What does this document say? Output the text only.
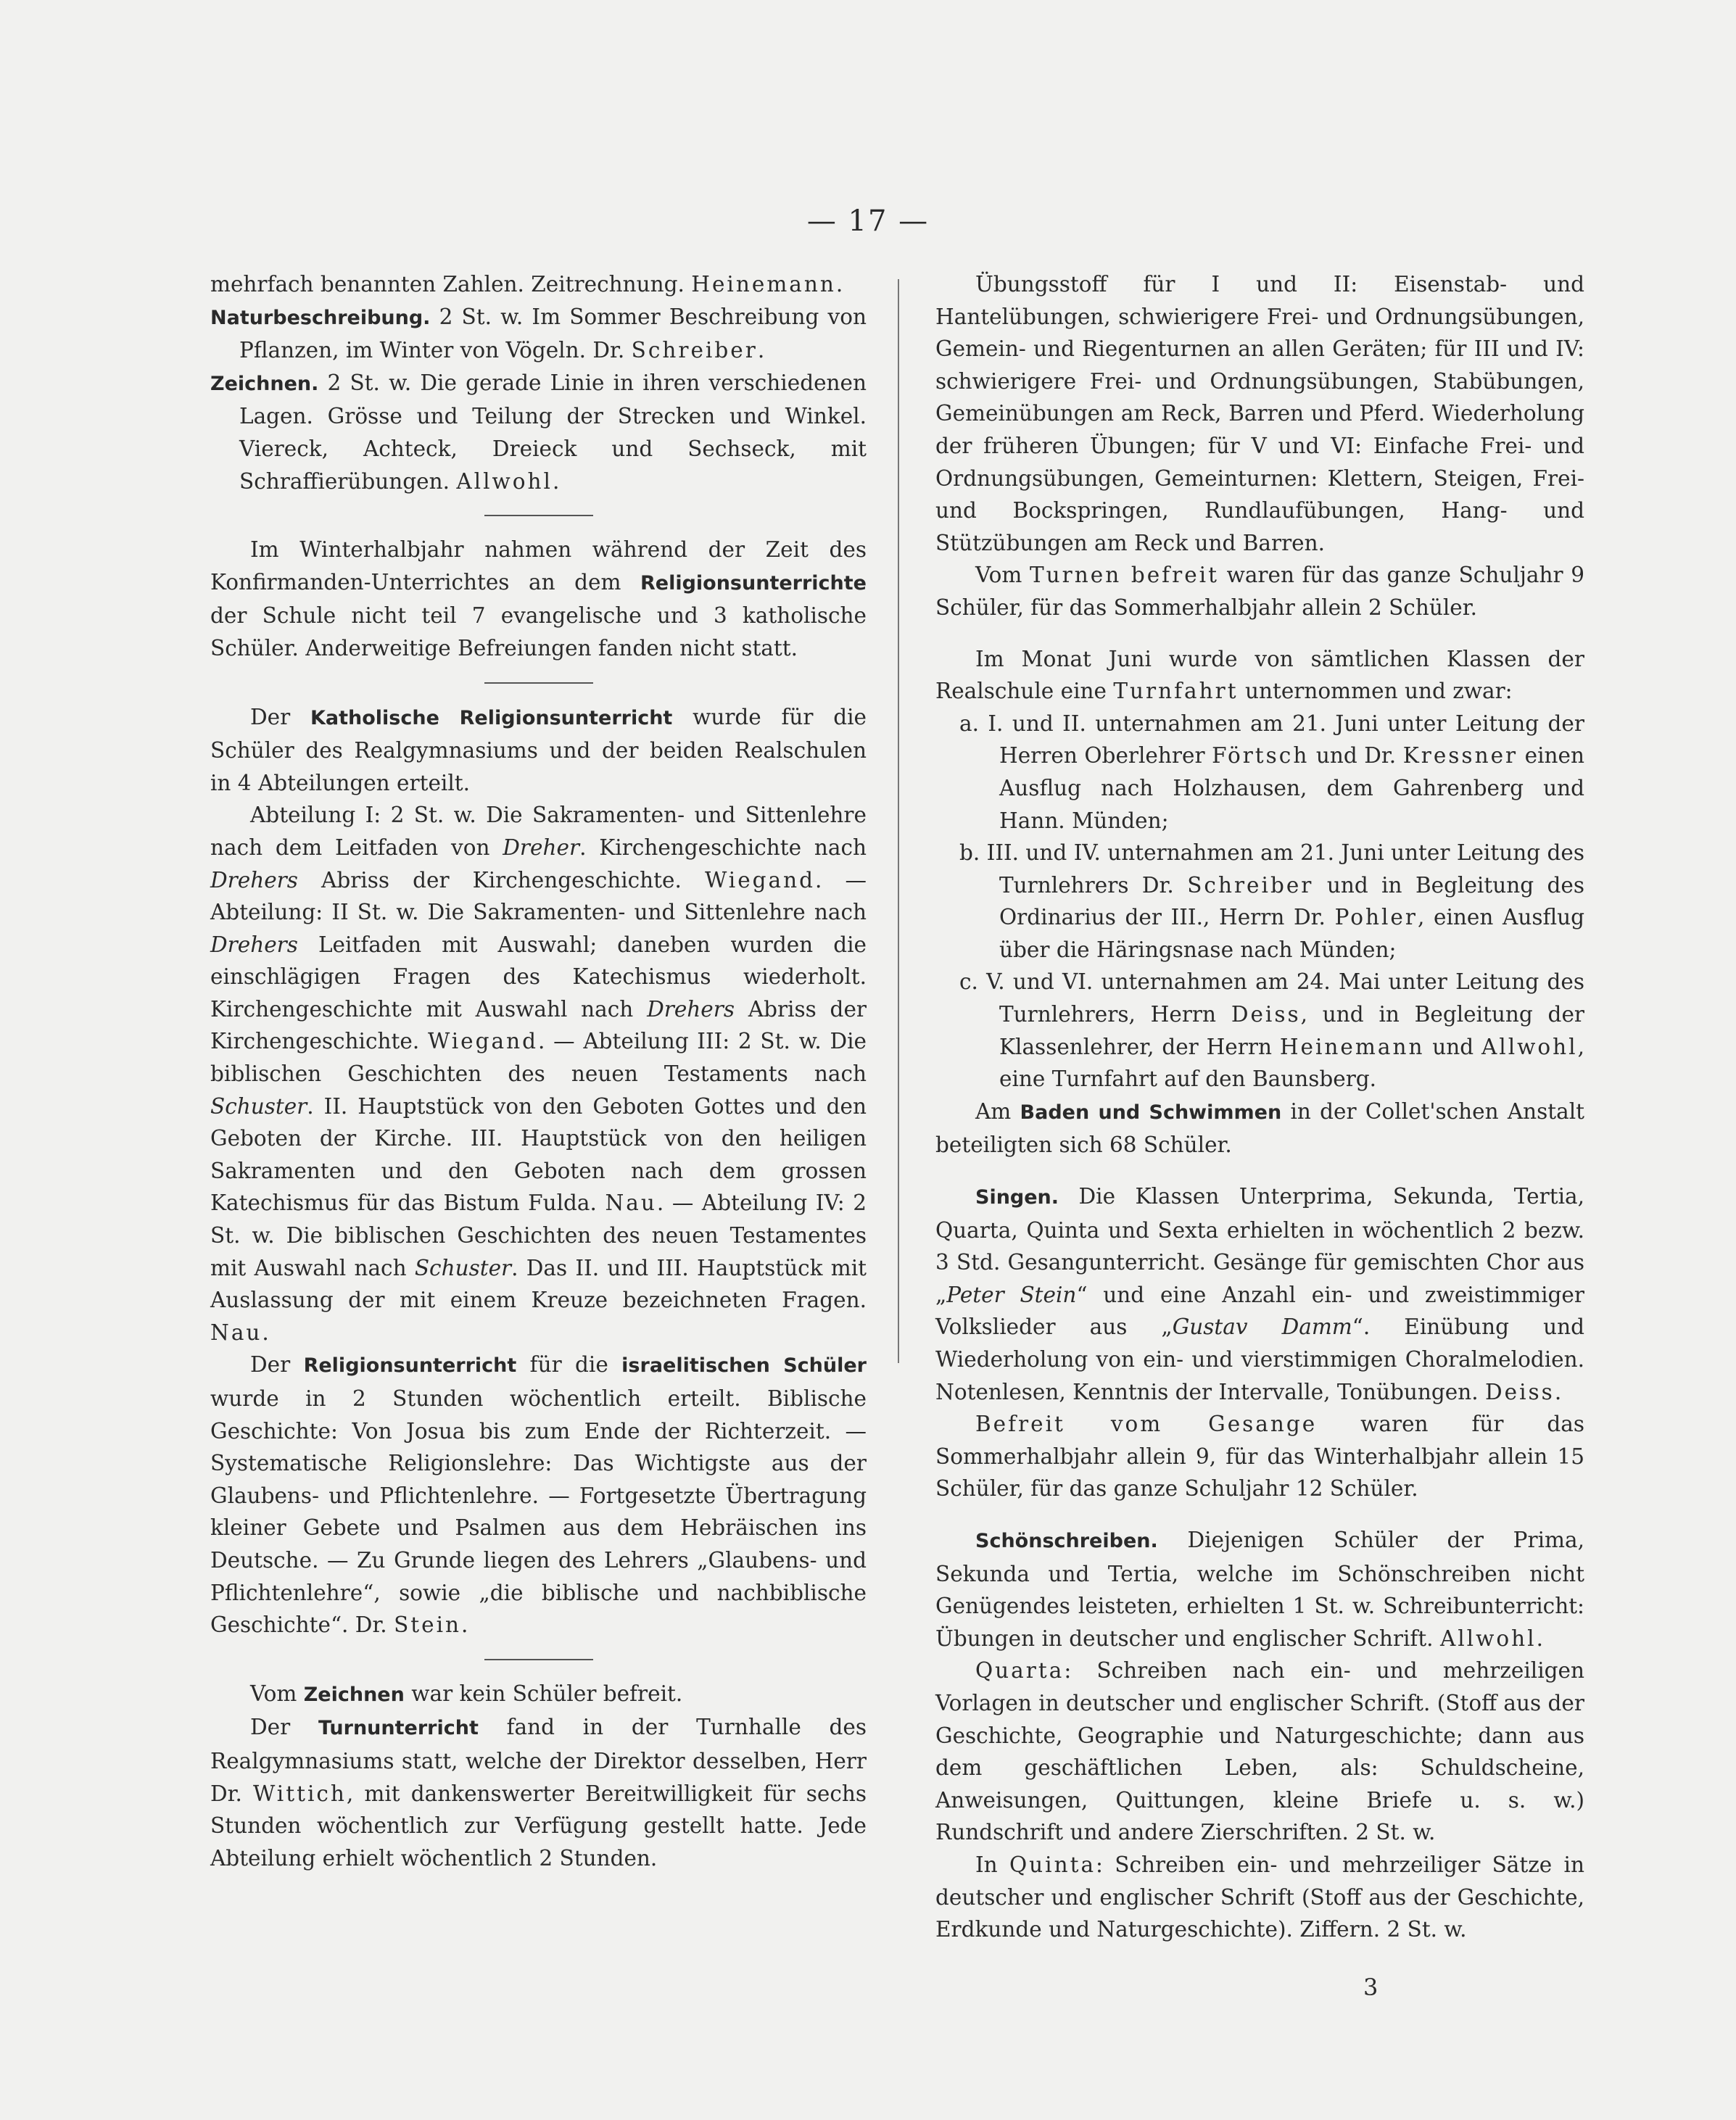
— 17 —

mehrfach benannten Zahlen. Zeitrechnung. Heinemann.

Naturbeschreibung. 2 St. w. Im Sommer Beschreibung von Pflanzen, im Winter von Vögeln. Dr. Schreiber.

Zeichnen. 2 St. w. Die gerade Linie in ihren verschiedenen Lagen. Grösse und Teilung der Strecken und Winkel. Viereck, Achteck, Dreieck und Sechseck, mit Schraffierübungen. Allwohl.

Im Winterhalbjahr nahmen während der Zeit des Konfirmanden-Unterrichtes an dem Religionsunterrichte der Schule nicht teil 7 evangelische und 3 katholische Schüler. Anderweitige Befreiungen fanden nicht statt.

Der Katholische Religionsunterricht wurde für die Schüler des Realgymnasiums und der beiden Realschulen in 4 Abteilungen erteilt.

Abteilung I: 2 St. w. Die Sakramenten- und Sittenlehre nach dem Leitfaden von Dreher. Kirchengeschichte nach Drehers Abriss der Kirchengeschichte. Wiegand. — Abteilung: II St. w. Die Sakramenten- und Sittenlehre nach Drehers Leitfaden mit Auswahl; daneben wurden die einschlägigen Fragen des Katechismus wiederholt. Kirchengeschichte mit Auswahl nach Drehers Abriss der Kirchengeschichte. Wiegand. — Abteilung III: 2 St. w. Die biblischen Geschichten des neuen Testaments nach Schuster. II. Hauptstück von den Geboten Gottes und den Geboten der Kirche. III. Hauptstück von den heiligen Sakramenten und den Geboten nach dem grossen Katechismus für das Bistum Fulda. Nau. — Abteilung IV: 2 St. w. Die biblischen Geschichten des neuen Testamentes mit Auswahl nach Schuster. Das II. und III. Hauptstück mit Auslassung der mit einem Kreuze bezeichneten Fragen. Nau.

Der Religionsunterricht für die israelitischen Schüler wurde in 2 Stunden wöchentlich erteilt. Biblische Geschichte: Von Josua bis zum Ende der Richterzeit. — Systematische Religionslehre: Das Wichtigste aus der Glaubens- und Pflichtenlehre. — Fortgesetzte Übertragung kleiner Gebete und Psalmen aus dem Hebräischen ins Deutsche. — Zu Grunde liegen des Lehrers „Glaubens- und Pflichtenlehre“, sowie „die biblische und nachbiblische Geschichte“. Dr. Stein.

Vom Zeichnen war kein Schüler befreit.

Der Turnunterricht fand in der Turnhalle des Realgymnasiums statt, welche der Direktor desselben, Herr Dr. Wittich, mit dankenswerter Bereitwilligkeit für sechs Stunden wöchentlich zur Verfügung gestellt hatte. Jede Abteilung erhielt wöchentlich 2 Stunden.

Übungsstoff für I und II: Eisenstab- und Hantelübungen, schwierigere Frei- und Ordnungsübungen, Gemein- und Riegenturnen an allen Geräten; für III und IV: schwierigere Frei- und Ordnungsübungen, Stabübungen, Gemeinübungen am Reck, Barren und Pferd. Wiederholung der früheren Übungen; für V und VI: Einfache Frei- und Ordnungsübungen, Gemeinturnen: Klettern, Steigen, Frei- und Bockspringen, Rundlaufübungen, Hang- und Stützübungen am Reck und Barren.

Vom Turnen befreit waren für das ganze Schuljahr 9 Schüler, für das Sommerhalbjahr allein 2 Schüler.

Im Monat Juni wurde von sämtlichen Klassen der Realschule eine Turnfahrt unternommen und zwar:

a. I. und II. unternahmen am 21. Juni unter Leitung der Herren Oberlehrer Förtsch und Dr. Kressner einen Ausflug nach Holzhausen, dem Gahrenberg und Hann. Münden;

b. III. und IV. unternahmen am 21. Juni unter Leitung des Turnlehrers Dr. Schreiber und in Begleitung des Ordinarius der III., Herrn Dr. Pohler, einen Ausflug über die Häringsnase nach Münden;

c. V. und VI. unternahmen am 24. Mai unter Leitung des Turnlehrers, Herrn Deiss, und in Begleitung der Klassenlehrer, der Herrn Heinemann und Allwohl, eine Turnfahrt auf den Baunsberg.

Am Baden und Schwimmen in der Collet'schen Anstalt beteiligten sich 68 Schüler.

Singen. Die Klassen Unterprima, Sekunda, Tertia, Quarta, Quinta und Sexta erhielten in wöchentlich 2 bezw. 3 Std. Gesangunterricht. Gesänge für gemischten Chor aus „Peter Stein“ und eine Anzahl ein- und zweistimmiger Volkslieder aus „Gustav Damm“. Einübung und Wiederholung von ein- und vierstimmigen Choralmelodien. Notenlesen, Kenntnis der Intervalle, Tonübungen. Deiss.

Befreit vom Gesange waren für das Sommerhalbjahr allein 9, für das Winterhalbjahr allein 15 Schüler, für das ganze Schuljahr 12 Schüler.

Schönschreiben. Diejenigen Schüler der Prima, Sekunda und Tertia, welche im Schönschreiben nicht Genügendes leisteten, erhielten 1 St. w. Schreibunterricht: Übungen in deutscher und englischer Schrift. Allwohl.

Quarta: Schreiben nach ein- und mehrzeiligen Vorlagen in deutscher und englischer Schrift. (Stoff aus der Geschichte, Geographie und Naturgeschichte; dann aus dem geschäftlichen Leben, als: Schuldscheine, Anweisungen, Quittungen, kleine Briefe u. s. w.) Rundschrift und andere Zierschriften. 2 St. w.

In Quinta: Schreiben ein- und mehrzeiliger Sätze in deutscher und englischer Schrift (Stoff aus der Geschichte, Erdkunde und Naturgeschichte). Ziffern. 2 St. w.

3
